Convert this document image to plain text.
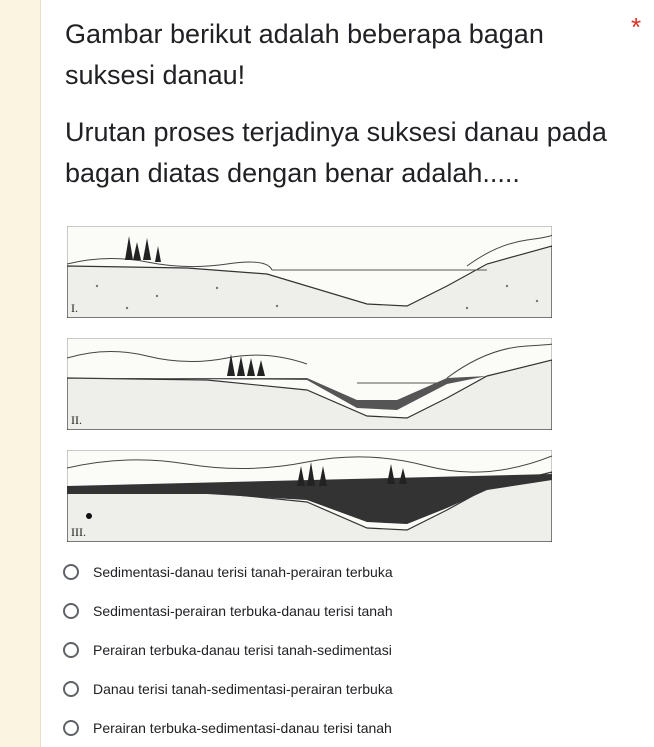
Gambar berikut adalah beberapa bagan suksesi danau!
*
Urutan proses terjadinya suksesi danau pada bagan diatas dengan benar adalah.....
I.
II.
III.
Sedimentasi-danau terisi tanah-perairan terbuka
Sedimentasi-perairan terbuka-danau terisi tanah
Perairan terbuka-danau terisi tanah-sedimentasi
Danau terisi tanah-sedimentasi-perairan terbuka
Perairan terbuka-sedimentasi-danau terisi tanah
